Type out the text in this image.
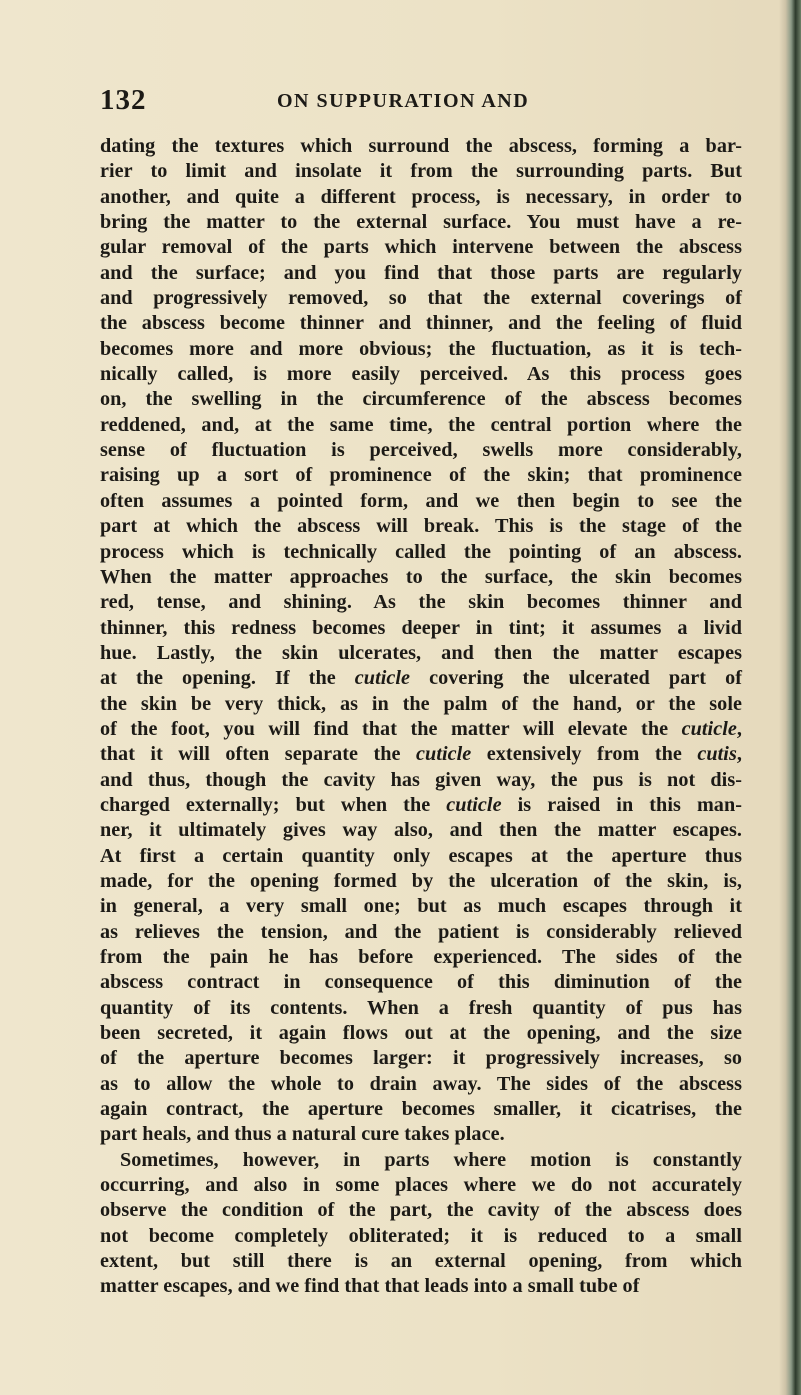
132	ON SUPPURATION AND
dating the textures which surround the abscess, forming a bar-
rier to limit and insolate it from the surrounding parts. But
another, and quite a different process, is necessary, in order to
bring the matter to the external surface. You must have a re-
gular removal of the parts which intervene between the abscess
and the surface; and you find that those parts are regularly
and progressively removed, so that the external coverings of
the abscess become thinner and thinner, and the feeling of fluid
becomes more and more obvious; the fluctuation, as it is tech-
nically called, is more easily perceived. As this process goes
on, the swelling in the circumference of the abscess becomes
reddened, and, at the same time, the central portion where the
sense of fluctuation is perceived, swells more considerably,
raising up a sort of prominence of the skin; that prominence
often assumes a pointed form, and we then begin to see the
part at which the abscess will break. This is the stage of the
process which is technically called the pointing of an abscess.
When the matter approaches to the surface, the skin becomes
red, tense, and shining. As the skin becomes thinner and
thinner, this redness becomes deeper in tint; it assumes a livid
hue. Lastly, the skin ulcerates, and then the matter escapes
at the opening. If the cuticle covering the ulcerated part of
the skin be very thick, as in the palm of the hand, or the sole
of the foot, you will find that the matter will elevate the cuticle,
that it will often separate the cuticle extensively from the cutis,
and thus, though the cavity has given way, the pus is not dis-
charged externally; but when the cuticle is raised in this man-
ner, it ultimately gives way also, and then the matter escapes.
At first a certain quantity only escapes at the aperture thus
made, for the opening formed by the ulceration of the skin, is,
in general, a very small one; but as much escapes through it
as relieves the tension, and the patient is considerably relieved
from the pain he has before experienced. The sides of the
abscess contract in consequence of this diminution of the
quantity of its contents. When a fresh quantity of pus has
been secreted, it again flows out at the opening, and the size
of the aperture becomes larger: it progressively increases, so
as to allow the whole to drain away. The sides of the abscess
again contract, the aperture becomes smaller, it cicatrises, the
part heals, and thus a natural cure takes place.
Sometimes, however, in parts where motion is constantly
occurring, and also in some places where we do not accurately
observe the condition of the part, the cavity of the abscess does
not become completely obliterated; it is reduced to a small
extent, but still there is an external opening, from which
matter escapes, and we find that that leads into a small tube of
